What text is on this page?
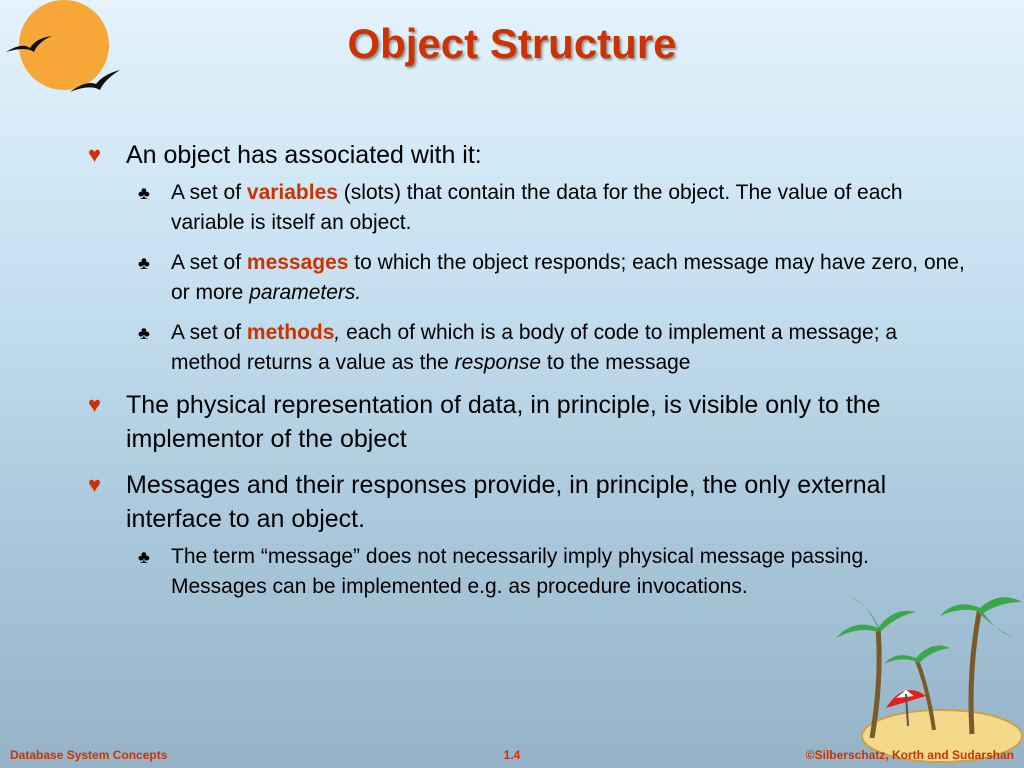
Object Structure
♥ An object has associated with it:
♣ A set of variables (slots) that contain the data for the object. The value of each variable is itself an object.
♣ A set of messages to which the object responds; each message may have zero, one, or more parameters.
♣ A set of methods, each of which is a body of code to implement a message; a method returns a value as the response to the message
♥ The physical representation of data, in principle, is visible only to the implementor of the object
♥ Messages and their responses provide, in principle, the only external interface to an object.
♣ The term “message” does not necessarily imply physical message passing. Messages can be implemented e.g. as procedure invocations.
Database System Concepts	1.4	©Silberschatz, Korth and Sudarshan
